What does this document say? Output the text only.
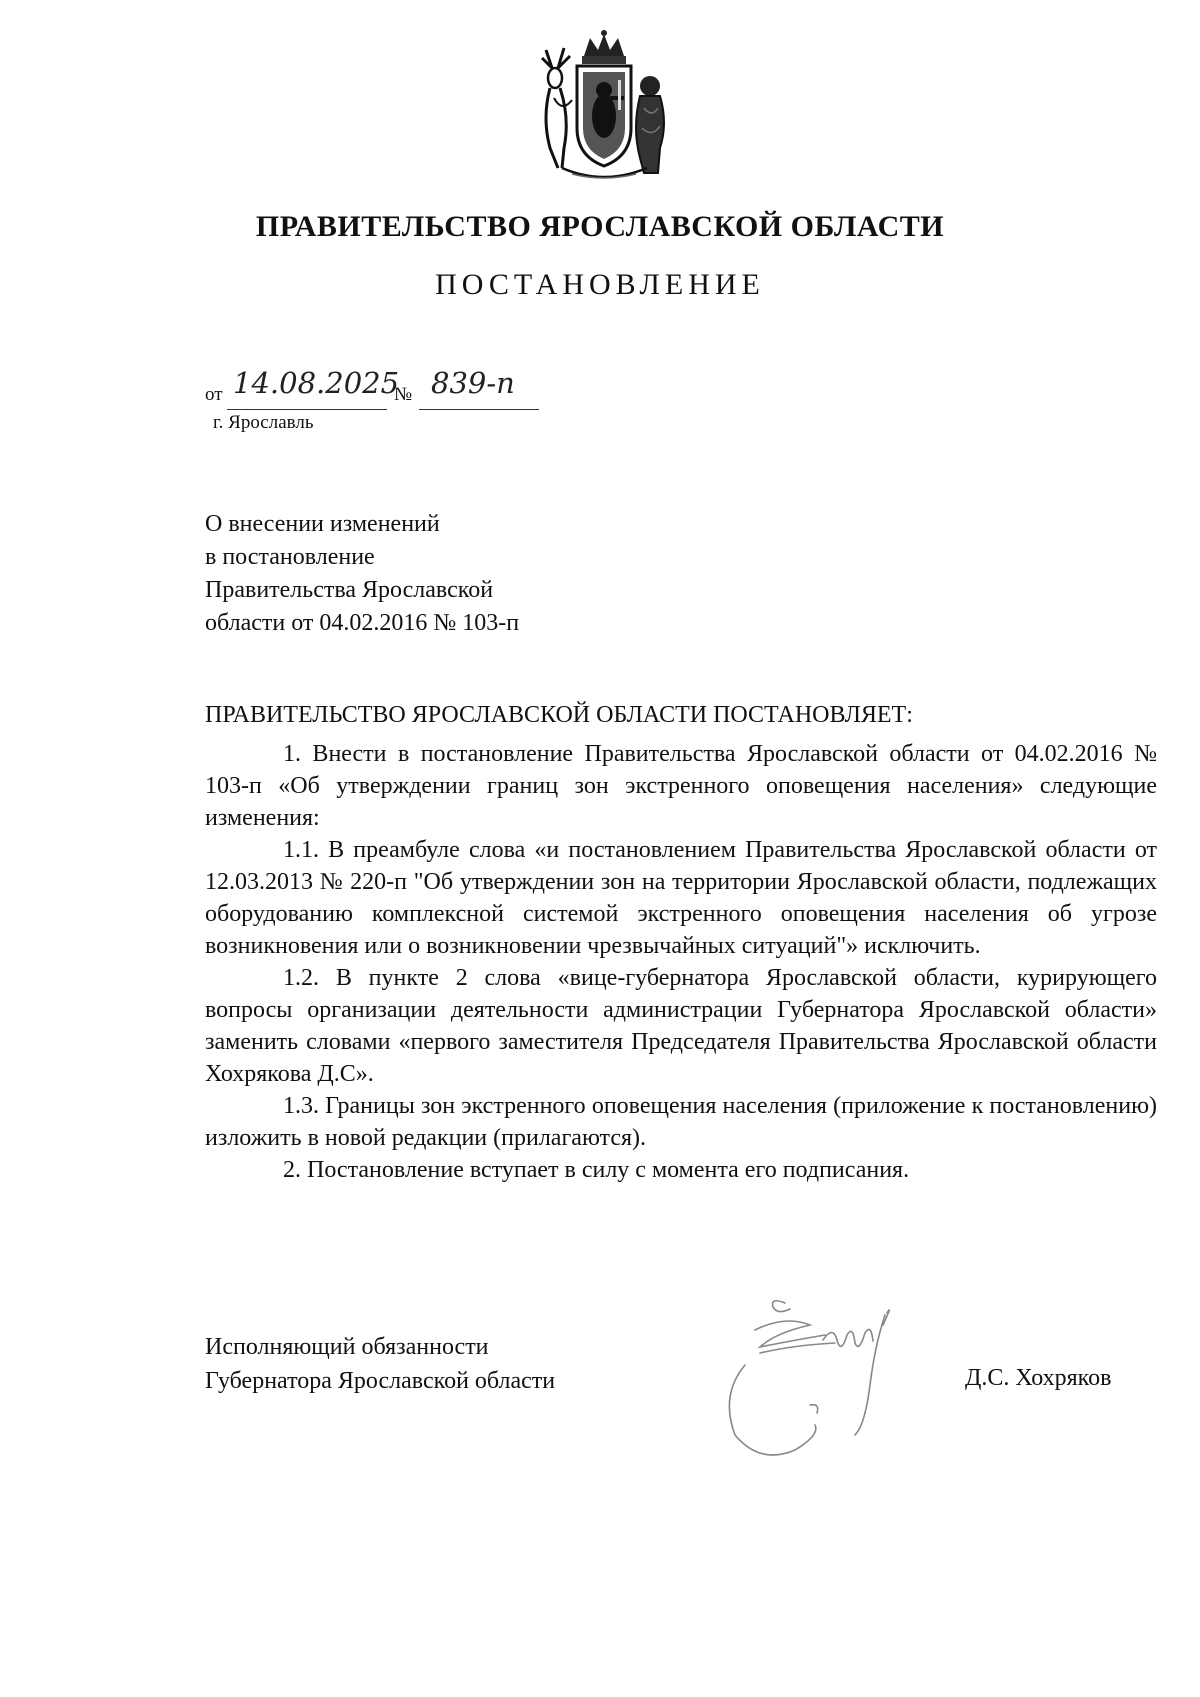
ПРАВИТЕЛЬСТВО ЯРОСЛАВСКОЙ ОБЛАСТИ
ПОСТАНОВЛЕНИЕ
от 14.08.2025
№ 839-п
г. Ярославль
О внесении изменений
в постановление
Правительства Ярославской
области от 04.02.2016 № 103-п
ПРАВИТЕЛЬСТВО ЯРОСЛАВСКОЙ ОБЛАСТИ ПОСТАНОВЛЯЕТ:

1. Внести в постановление Правительства Ярославской области от 04.02.2016 № 103-п «Об утверждении границ зон экстренного оповещения населения» следующие изменения:

1.1. В преамбуле слова «и постановлением Правительства Ярославской области от 12.03.2013 № 220-п "Об утверждении зон на территории Ярославской области, подлежащих оборудованию комплексной системой экстренного оповещения населения об угрозе возникновения или о возникновении чрезвычайных ситуаций"» исключить.

1.2. В пункте 2 слова «вице-губернатора Ярославской области, курирующего вопросы организации деятельности администрации Губернатора Ярославской области» заменить словами «первого заместителя Председателя Правительства Ярославской области Хохрякова Д.С».

1.3. Границы зон экстренного оповещения населения (приложение к постановлению) изложить в новой редакции (прилагаются).

2. Постановление вступает в силу с момента его подписания.

Исполняющий обязанности
Губернатора Ярославской области	Д.С. Хохряков
